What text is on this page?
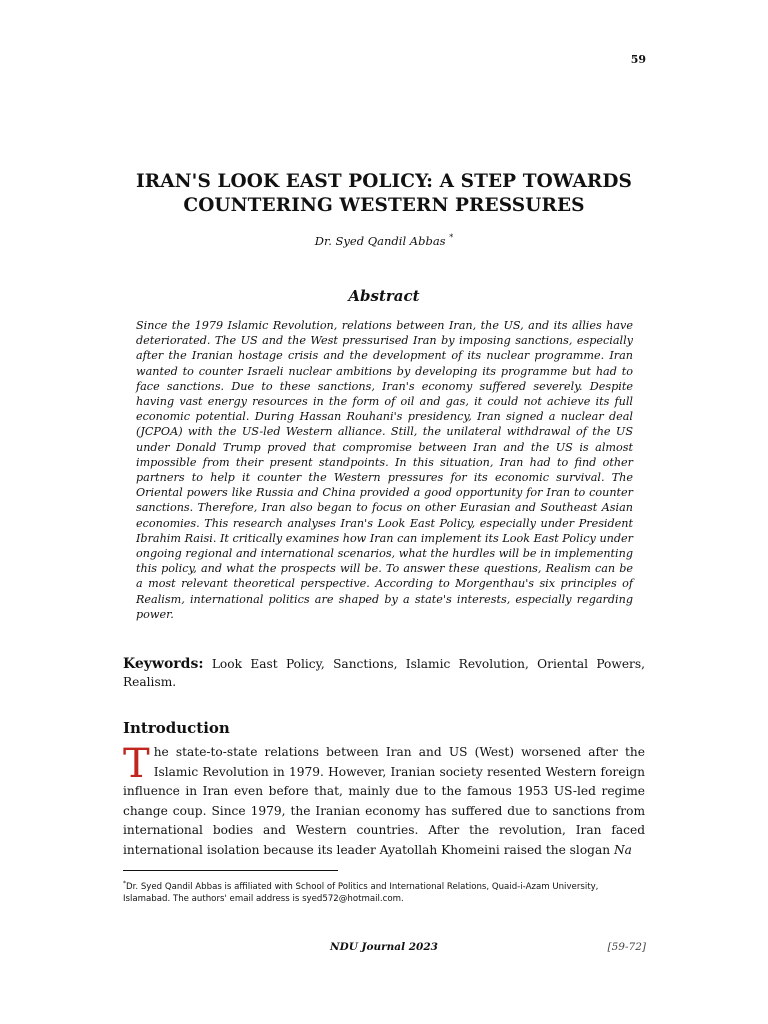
59
IRAN'S LOOK EAST POLICY: A STEP TOWARDS
COUNTERING WESTERN PRESSURES
Dr. Syed Qandil Abbas *
Abstract

Since the 1979 Islamic Revolution, relations between Iran, the US, and its allies have deteriorated. The US and the West pressurised Iran by imposing sanctions, especially after the Iranian hostage crisis and the development of its nuclear programme. Iran wanted to counter Israeli nuclear ambitions by developing its programme but had to face sanctions. Due to these sanctions, Iran's economy suffered severely. Despite having vast energy resources in the form of oil and gas, it could not achieve its full economic potential. During Hassan Rouhani's presidency, Iran signed a nuclear deal (JCPOA) with the US-led Western alliance. Still, the unilateral withdrawal of the US under Donald Trump proved that compromise between Iran and the US is almost impossible from their present standpoints. In this situation, Iran had to find other partners to help it counter the Western pressures for its economic survival. The Oriental powers like Russia and China provided a good opportunity for Iran to counter sanctions. Therefore, Iran also began to focus on other Eurasian and Southeast Asian economies. This research analyses Iran's Look East Policy, especially under President Ibrahim Raisi. It critically examines how Iran can implement its Look East Policy under ongoing regional and international scenarios, what the hurdles will be in implementing this policy, and what the prospects will be. To answer these questions, Realism can be a most relevant theoretical perspective. According to Morgenthau's six principles of Realism, international politics are shaped by a state's interests, especially regarding power.

Keywords: Look East Policy, Sanctions, Islamic Revolution, Oriental Powers, Realism.

Introduction

The state-to-state relations between Iran and US (West) worsened after the Islamic Revolution in 1979. However, Iranian society resented Western foreign influence in Iran even before that, mainly due to the famous 1953 US-led regime change coup. Since 1979, the Iranian economy has suffered due to sanctions from international bodies and Western countries. After the revolution, Iran faced international isolation because its leader Ayatollah Khomeini raised the slogan Na

*Dr. Syed Qandil Abbas is affiliated with School of Politics and International Relations, Quaid-i-Azam University, Islamabad. The authors' email address is syed572@hotmail.com.

NDU Journal 2023	[59-72]
